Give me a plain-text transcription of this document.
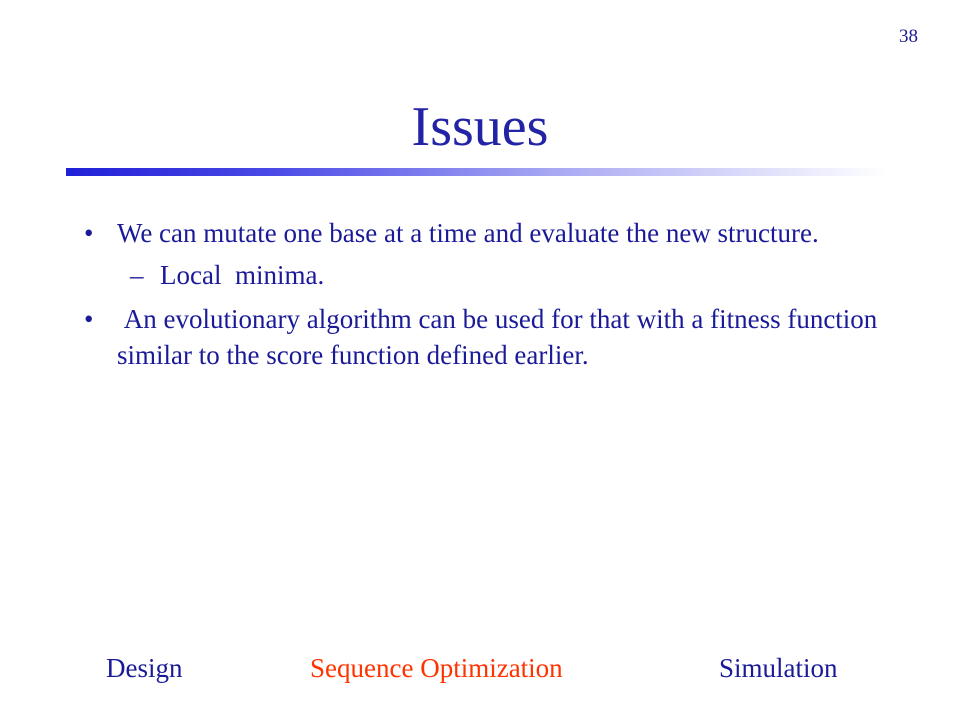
38
Issues
• We can mutate one base at a time and evaluate the new structure.
– Local  minima.
• An evolutionary algorithm can be used for that with a fitness function similar to the score function defined earlier.
Design	Sequence Optimization	Simulation
